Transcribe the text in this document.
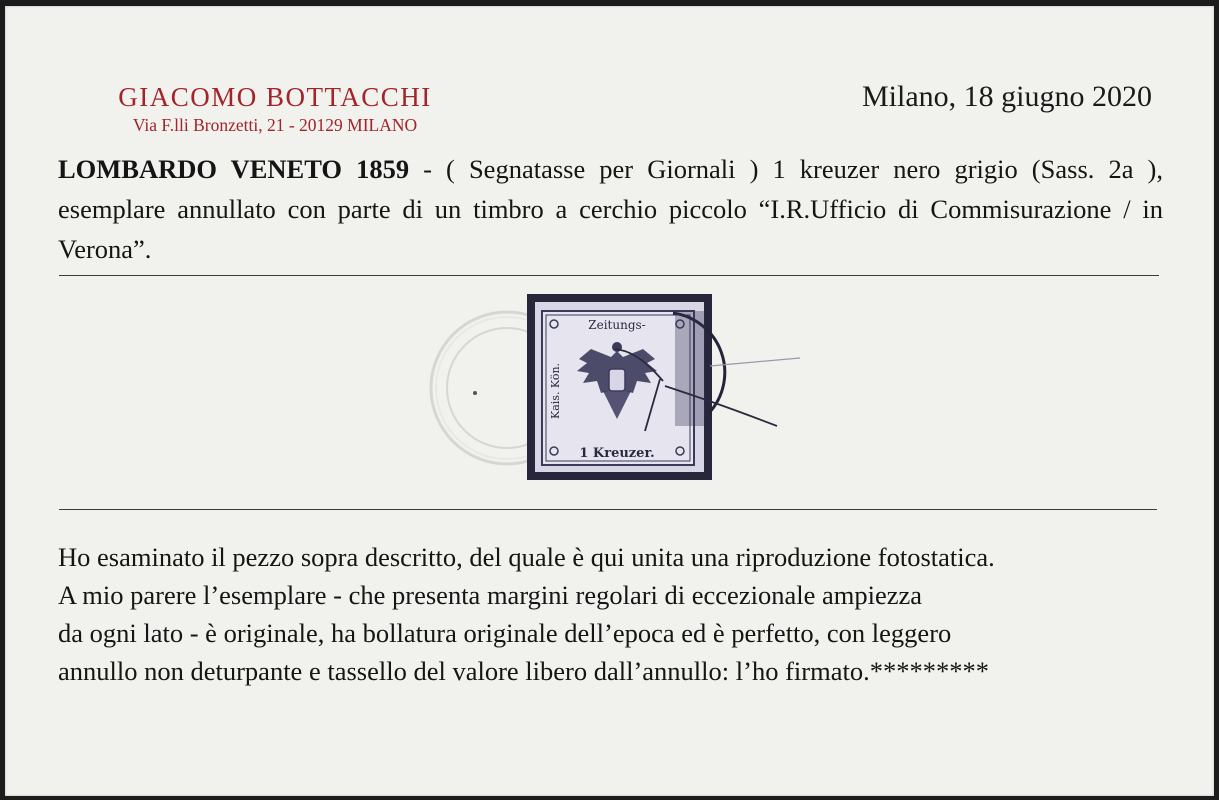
GIACOMO BOTTACCHI
Via F.lli Bronzetti, 21 - 20129 MILANO
Milano, 18 giugno 2020
LOMBARDO VENETO 1859 - ( Segnatasse per Giornali ) 1 kreuzer nero grigio (Sass. 2a ), esemplare annullato con parte di un timbro a cerchio piccolo “I.R.Ufficio di Commisurazione / in Verona”.
Zeitungs-
Kais. Kön.
1 Kreuzer.

Ho esaminato il pezzo sopra descritto, del quale è qui unita una riproduzione fotostatica.

A mio parere l’esemplare - che presenta margini regolari di eccezionale ampiezza

da ogni lato - è originale, ha bollatura originale dell’epoca ed è perfetto, con leggero

annullo non deturpante e tassello del valore libero dall’annullo: l’ho firmato.*********
